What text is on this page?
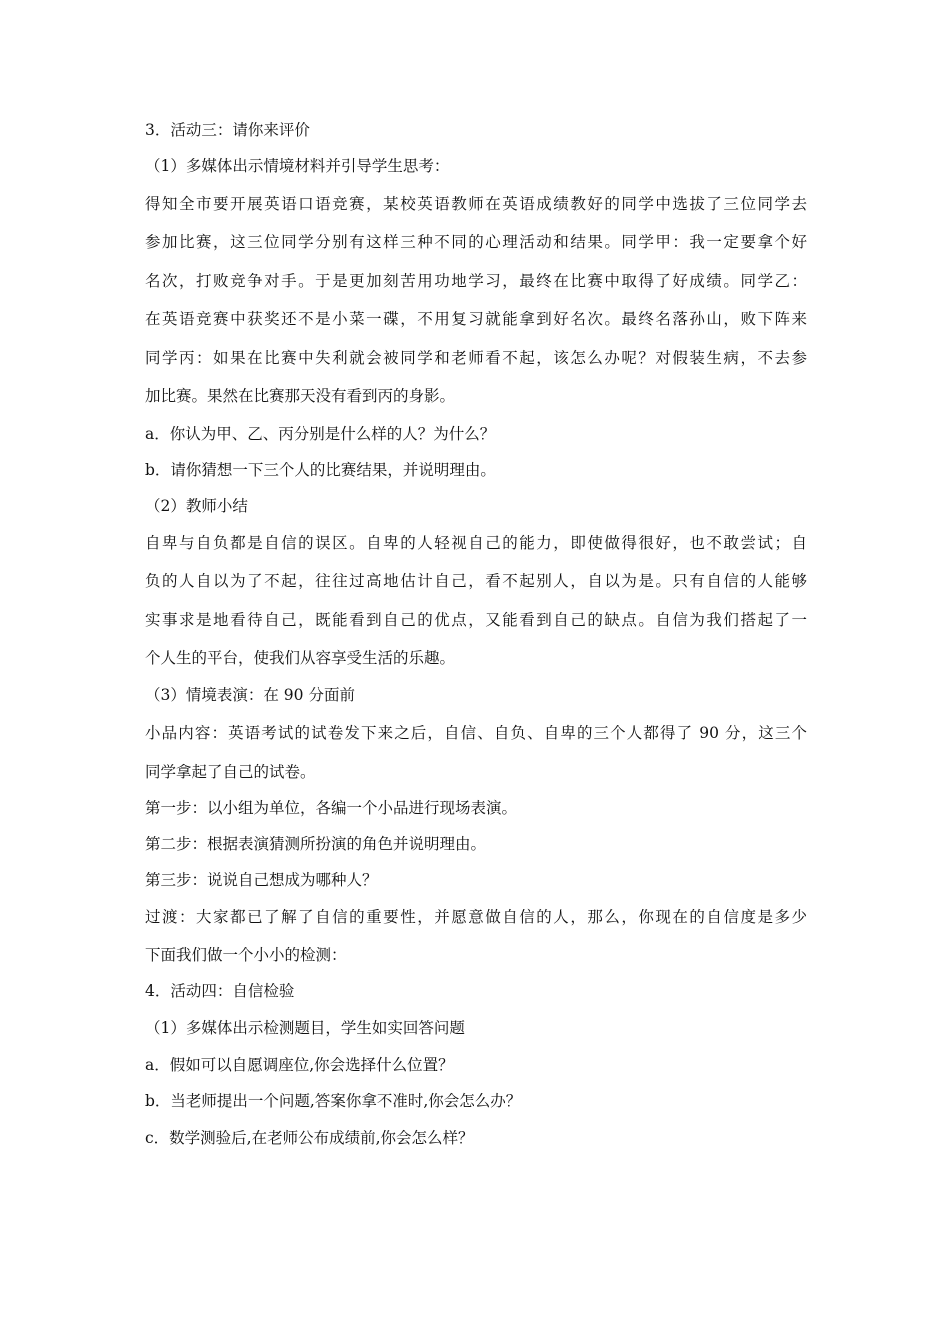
3．活动三：请你来评价
（1）多媒体出示情境材料并引导学生思考：
得知全市要开展英语口语竞赛，某校英语教师在英语成绩教好的同学中选拔了三位同学去
参加比赛，这三位同学分别有这样三种不同的心理活动和结果。同学甲：我一定要拿个好
名次，打败竞争对手。于是更加刻苦用功地学习，最终在比赛中取得了好成绩。同学乙：
在英语竞赛中获奖还不是小菜一碟，不用复习就能拿到好名次。最终名落孙山，败下阵来
同学丙：如果在比赛中失利就会被同学和老师看不起，该怎么办呢？对假装生病，不去参
加比赛。果然在比赛那天没有看到丙的身影。
a．你认为甲、乙、丙分别是什么样的人？为什么？
b．请你猜想一下三个人的比赛结果，并说明理由。
（2）教师小结
自卑与自负都是自信的误区。自卑的人轻视自己的能力，即使做得很好，也不敢尝试；自
负的人自以为了不起，往往过高地估计自己，看不起别人，自以为是。只有自信的人能够
实事求是地看待自己，既能看到自己的优点，又能看到自己的缺点。自信为我们搭起了一
个人生的平台，使我们从容享受生活的乐趣。
（3）情境表演：在 90 分面前
小品内容：英语考试的试卷发下来之后，自信、自负、自卑的三个人都得了 90 分，这三个
同学拿起了自己的试卷。
第一步：以小组为单位，各编一个小品进行现场表演。
第二步：根据表演猜测所扮演的角色并说明理由。
第三步：说说自己想成为哪种人？
过渡：大家都已了解了自信的重要性，并愿意做自信的人，那么，你现在的自信度是多少
下面我们做一个小小的检测：
4．活动四：自信检验
（1）多媒体出示检测题目，学生如实回答问题
a．假如可以自愿调座位,你会选择什么位置？
b．当老师提出一个问题,答案你拿不准时,你会怎么办？
c．数学测验后,在老师公布成绩前,你会怎么样？
